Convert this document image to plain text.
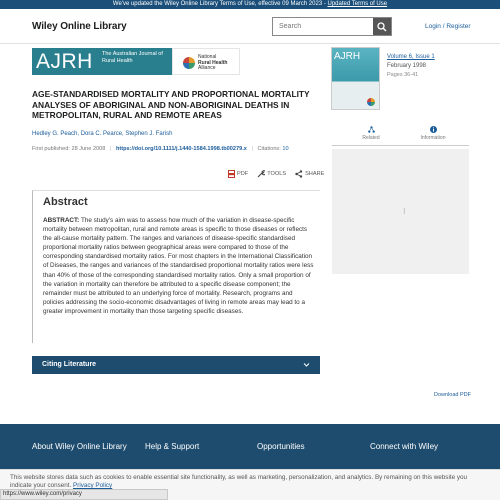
We've updated the Wiley Online Library Terms of Use, effective 09 March 2023 - Updated Terms of Use
Wiley Online Library
Search	Login / Register
AJRH The Australian Journal of Rural Health
National
Rural Health
Alliance
AGE-STANDARDISED MORTALITY AND PROPORTIONAL MORTALITY ANALYSES OF ABORIGINAL AND NON-ABORIGINAL DEATHS IN METROPOLITAN, RURAL AND REMOTE AREAS
Hedley G. Peach, Dora C. Pearce, Stephen J. Farish
First published: 28 June 2008 | https://doi.org/10.1111/j.1440-1584.1998.tb00279.x | Citations: 10
PDF	TOOLS	SHARE
Abstract

ABSTRACT: The study's aim was to assess how much of the variation in disease-specific mortality between metropolitan, rural and remote areas is specific to those diseases or reflects the all-cause mortality pattern. The ranges and variances of disease-specific standardised proportional mortality ratios between geographical areas were compared to those of the corresponding standardised mortality ratios. For most chapters in the International Classification of Diseases, the ranges and variances of the standardised proportional mortality ratios were less than 40% of those of the corresponding standardised mortality ratios. Only a small proportion of the variation in mortality can therefore be attributed to a specific disease component; the remainder must be attributed to an underlying force of mortality. Research, programs and policies addressing the socio-economic disadvantages of living in remote areas may lead to a greater improvement in mortality than those targeting specific diseases.

Citing Literature
AJRH	Volume 6, Issue 1
February 1998
Pages 36-41
Related	Information
⁝
Download PDF
About Wiley Online Library Help & Support	Opportunities	Connect with Wiley

This website stores data such as cookies to enable essential site functionality, as well as marketing, personalization, and analytics. By remaining on this website you indicate your consent. Privacy Policy

https://www.wiley.com/privacy
